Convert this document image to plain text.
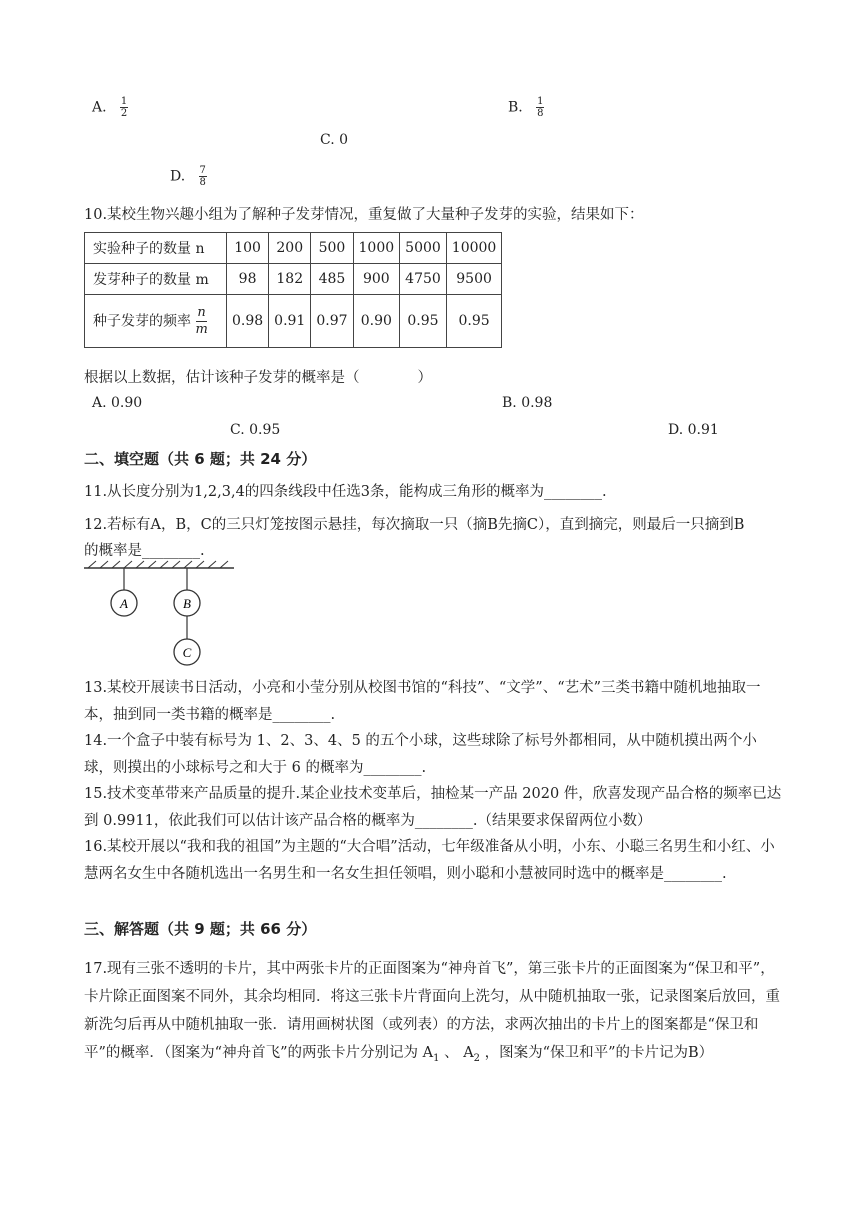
A. $\frac{1}{2}$	B. $\frac{1}{8}$
C. 0
D. $\frac{7}{8}$
10.某校生物兴趣小组为了解种子发芽情况，重复做了大量种子发芽的实验，结果如下：
实验种子的数量 n	100	200	500	1000	5000	10000
发芽种子的数量 m	98	182	485	900	4750	9500
种子发芽的频率 $\frac{n}{m}$	0.98	0.91	0.97	0.90	0.95	0.95
根据以上数据，估计该种子发芽的概率是（　　　　）
A. 0.90	B. 0.98
C. 0.95	D. 0.91
二、填空题（共 6 题；共 24 分）
11.从长度分别为1,2,3,4的四条线段中任选3条，能构成三角形的概率为________.
12.若标有A，B，C的三只灯笼按图示悬挂，每次摘取一只（摘B先摘C），直到摘完，则最后一只摘到B
的概率是________.
A	B
C
13.某校开展读书日活动，小亮和小莹分别从校图书馆的“科技”、“文学”、“艺术”三类书籍中随机地抽取一本，抽到同一类书籍的概率是________.
14.一个盒子中装有标号为 1、2、3、4、5 的五个小球，这些球除了标号外都相同，从中随机摸出两个小球，则摸出的小球标号之和大于 6 的概率为________.
15.技术变革带来产品质量的提升.某企业技术变革后，抽检某一产品 2020 件，欣喜发现产品合格的频率已达到 0.9911，依此我们可以估计该产品合格的概率为________.（结果要求保留两位小数）
16.某校开展以“我和我的祖国”为主题的“大合唱”活动，七年级准备从小明，小东、小聪三名男生和小红、小慧两名女生中各随机选出一名男生和一名女生担任领唱，则小聪和小慧被同时选中的概率是________.
三、解答题（共 9 题；共 66 分）
17.现有三张不透明的卡片，其中两张卡片的正面图案为“神舟首飞”，第三张卡片的正面图案为“保卫和平”，卡片除正面图案不同外，其余均相同．将这三张卡片背面向上洗匀，从中随机抽取一张，记录图案后放回，重新洗匀后再从中随机抽取一张．请用画树状图（或列表）的方法，求两次抽出的卡片上的图案都是“保卫和平”的概率．（图案为“神舟首飞”的两张卡片分别记为 $A_1$ 、 $A_2$ ，图案为“保卫和平”的卡片记为B）
